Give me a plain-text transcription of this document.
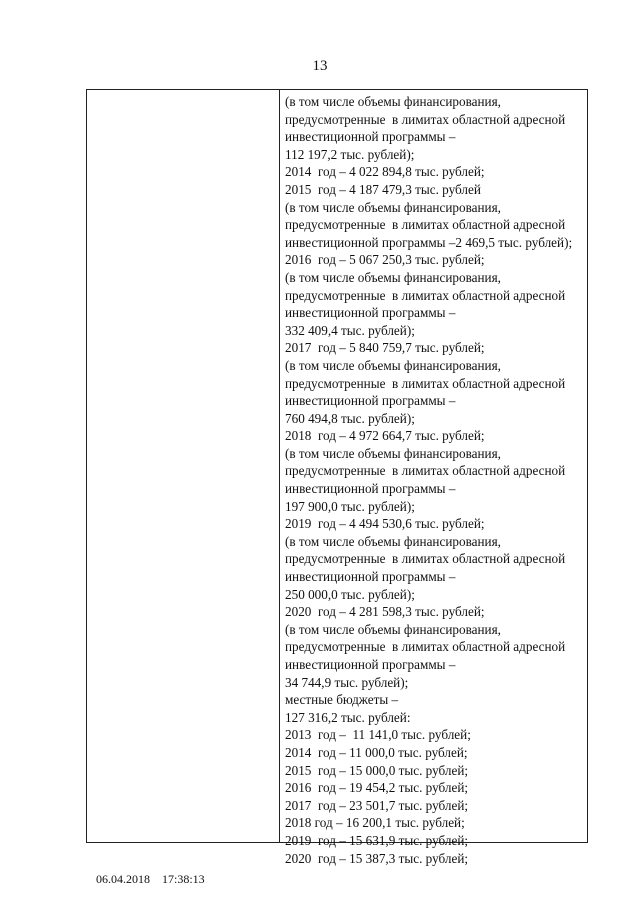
13
(в том числе объемы финансирования,
предусмотренные  в лимитах областной адресной
инвестиционной программы –
112 197,2 тыс. рублей);
2014  год – 4 022 894,8 тыс. рублей;
2015  год – 4 187 479,3 тыс. рублей
(в том числе объемы финансирования,
предусмотренные  в лимитах областной адресной
инвестиционной программы –2 469,5 тыс. рублей);
2016  год – 5 067 250,3 тыс. рублей;
(в том числе объемы финансирования,
предусмотренные  в лимитах областной адресной
инвестиционной программы –
332 409,4 тыс. рублей);
2017  год – 5 840 759,7 тыс. рублей;
(в том числе объемы финансирования,
предусмотренные  в лимитах областной адресной
инвестиционной программы –
760 494,8 тыс. рублей);
2018  год – 4 972 664,7 тыс. рублей;
(в том числе объемы финансирования,
предусмотренные  в лимитах областной адресной
инвестиционной программы –
197 900,0 тыс. рублей);
2019  год – 4 494 530,6 тыс. рублей;
(в том числе объемы финансирования,
предусмотренные  в лимитах областной адресной
инвестиционной программы –
250 000,0 тыс. рублей);
2020  год – 4 281 598,3 тыс. рублей;
(в том числе объемы финансирования,
предусмотренные  в лимитах областной адресной
инвестиционной программы –
34 744,9 тыс. рублей);
местные бюджеты –
127 316,2 тыс. рублей:
2013  год –  11 141,0 тыс. рублей;
2014  год – 11 000,0 тыс. рублей;
2015  год – 15 000,0 тыс. рублей;
2016  год – 19 454,2 тыс. рублей;
2017  год – 23 501,7 тыс. рублей;
2018 год – 16 200,1 тыс. рублей;
2019  год – 15 631,9 тыс. рублей;
2020  год – 15 387,3 тыс. рублей;
06.04.2018 17:38:13
